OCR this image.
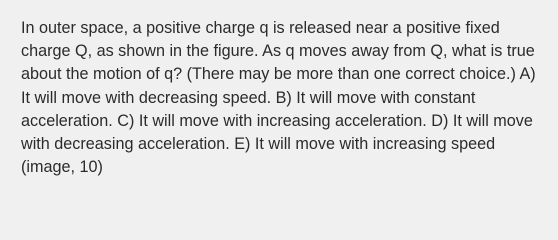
In outer space, a positive charge q is released near a positive fixed charge Q, as shown in the figure. As q moves away from Q, what is true about the motion of q? (There may be more than one correct choice.) A) It will move with decreasing speed. B) It will move with constant acceleration. C) It will move with increasing acceleration. D) It will move with decreasing acceleration. E) It will move with increasing speed (image, 10)
